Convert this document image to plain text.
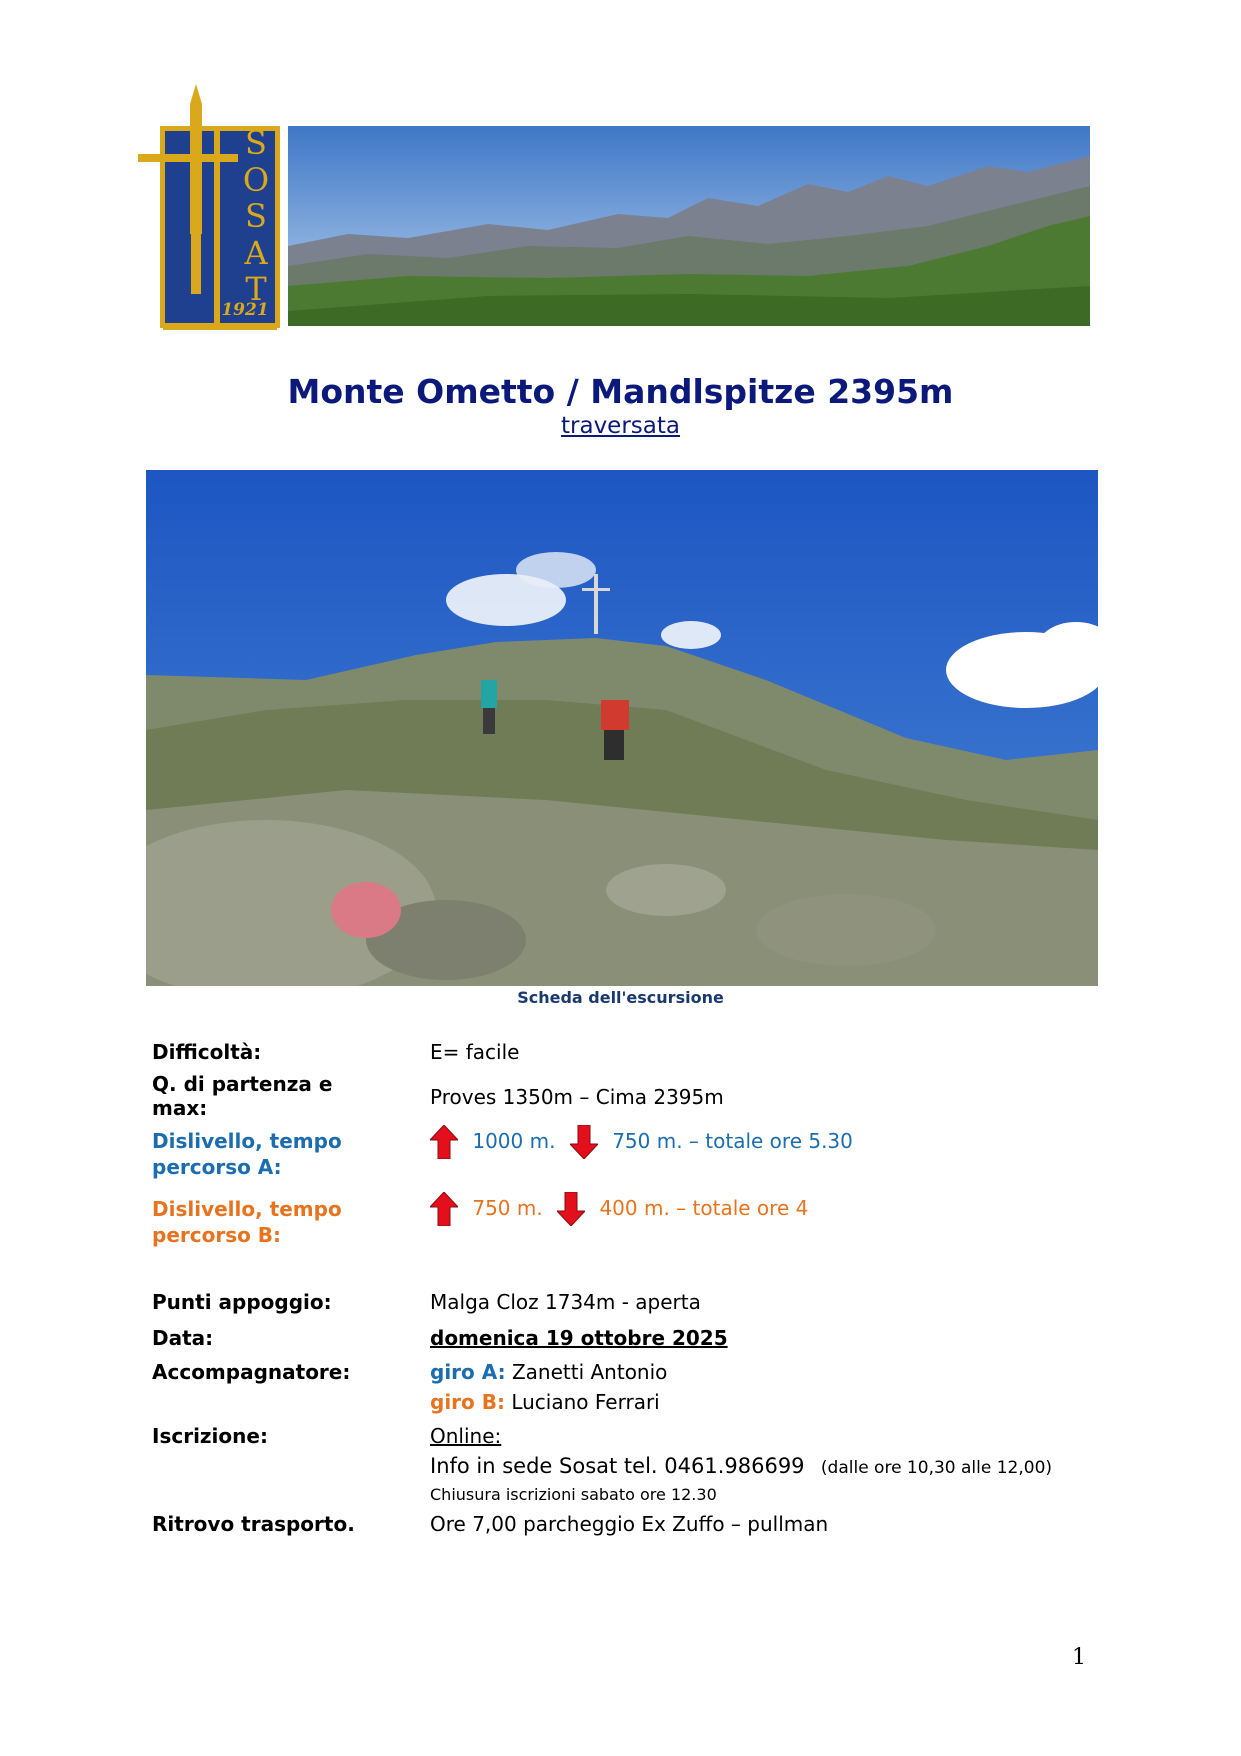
S
O
S
A
T
1921
Monte Ometto / Mandlspitze 2395m
traversata
Scheda dell'escursione
Difficoltà:	E= facile
Q. di partenza e max:	Proves 1350m – Cima 2395m
Dislivello, tempo percorso A:
1000 m.	750 m. – totale ore 5.30
Dislivello, tempo percorso B:
750 m.	400 m. – totale ore 4
Punti appoggio:	Malga Cloz 1734m - aperta
Data:	domenica 19 ottobre 2025
Accompagnatore:	giro A: Zanetti Antonio
giro B: Luciano Ferrari
Iscrizione:	Online:
Info in sede Sosat tel. 0461.986699 (dalle ore 10,30 alle 12,00)
Chiusura iscrizioni sabato ore 12.30
Ritrovo trasporto.	Ore 7,00 parcheggio Ex Zuffo – pullman
1
